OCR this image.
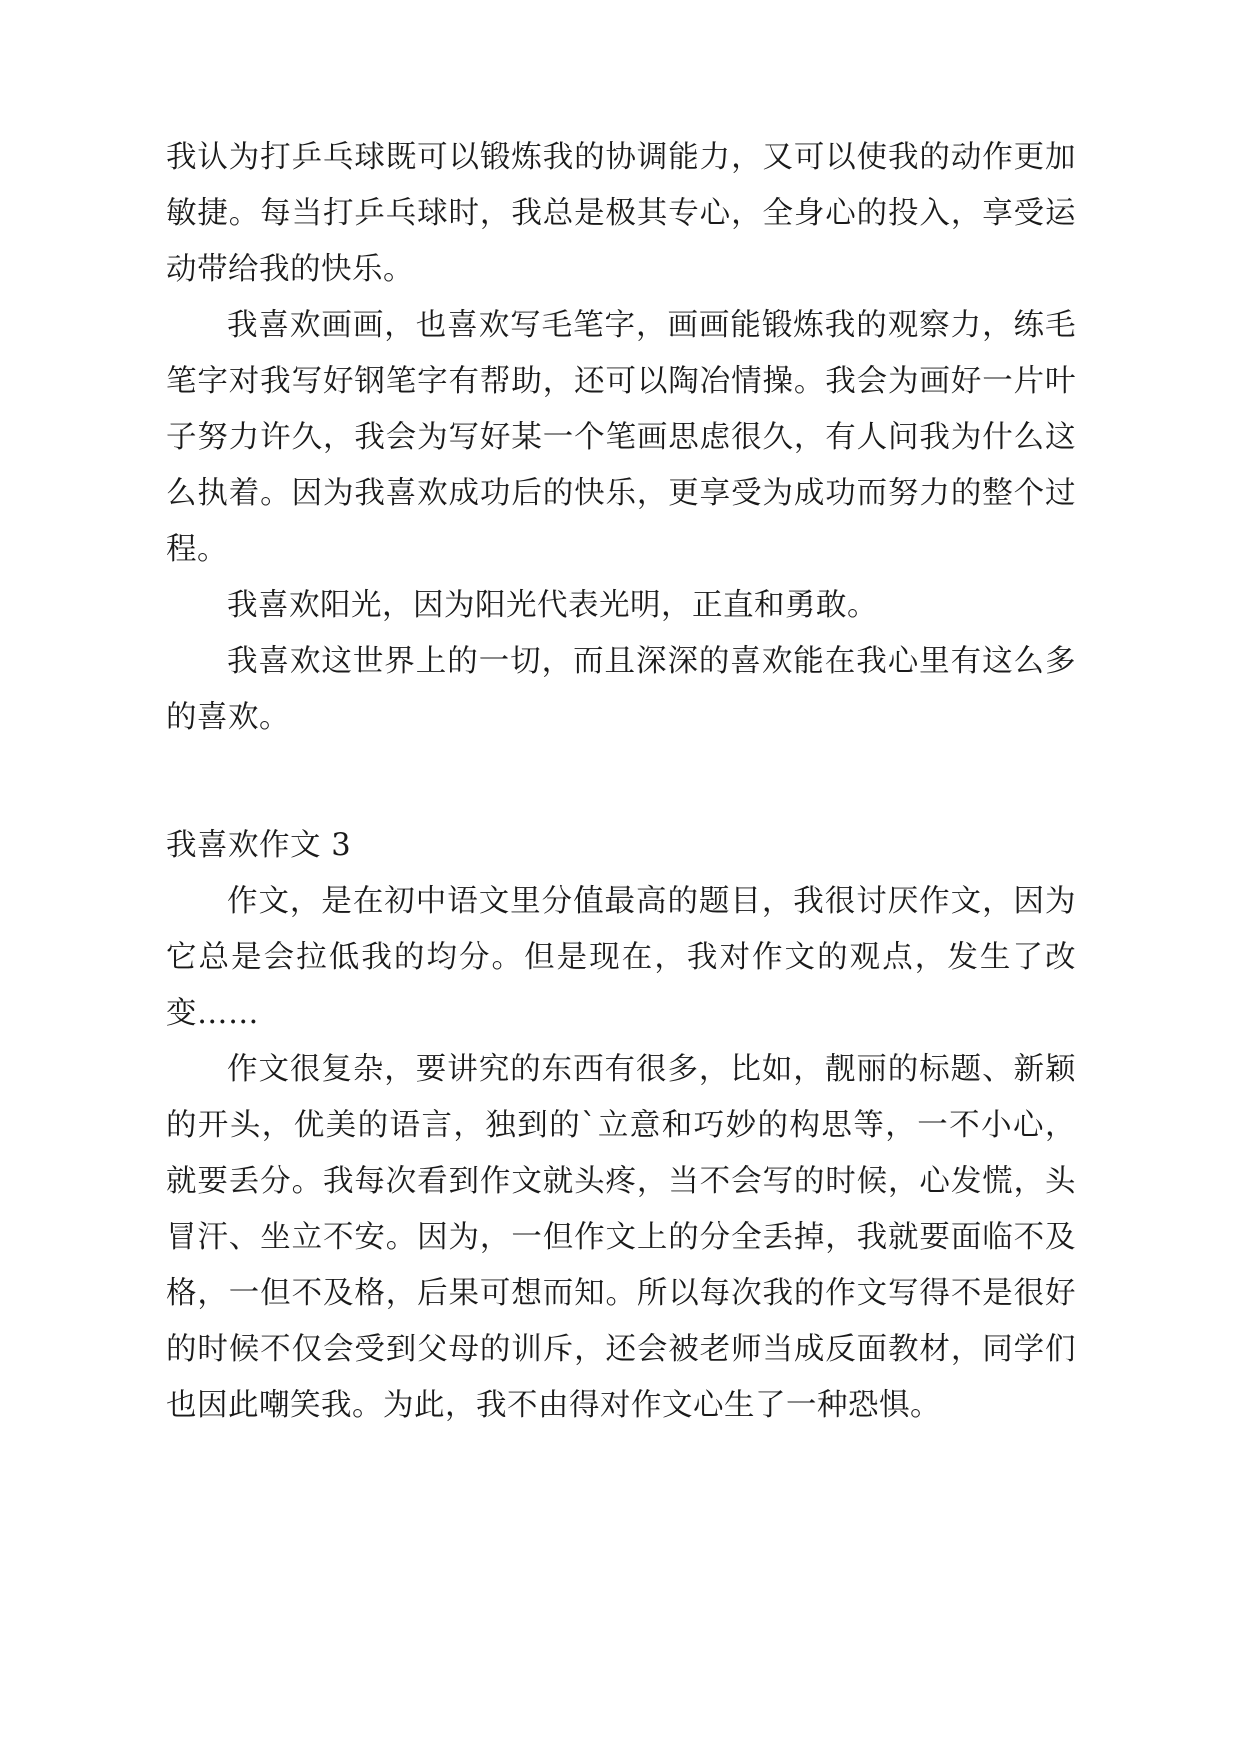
我认为打乒乓球既可以锻炼我的协调能力，又可以使我的动作更加敏捷。每当打乒乓球时，我总是极其专心，全身心的投入，享受运动带给我的快乐。

我喜欢画画，也喜欢写毛笔字，画画能锻炼我的观察力，练毛笔字对我写好钢笔字有帮助，还可以陶冶情操。我会为画好一片叶子努力许久，我会为写好某一个笔画思虑很久，有人问我为什么这么执着。因为我喜欢成功后的快乐，更享受为成功而努力的整个过程。

我喜欢阳光，因为阳光代表光明，正直和勇敢。

我喜欢这世界上的一切，而且深深的喜欢能在我心里有这么多的喜欢。

我喜欢作文 3

作文，是在初中语文里分值最高的题目，我很讨厌作文，因为它总是会拉低我的均分。但是现在，我对作文的观点，发生了改变……

作文很复杂，要讲究的东西有很多，比如，靓丽的标题、新颖的开头，优美的语言，独到的`立意和巧妙的构思等，一不小心，就要丢分。我每次看到作文就头疼，当不会写的时候，心发慌，头冒汗、坐立不安。因为，一但作文上的分全丢掉，我就要面临不及格，一但不及格，后果可想而知。所以每次我的作文写得不是很好的时候不仅会受到父母的训斥，还会被老师当成反面教材，同学们也因此嘲笑我。为此，我不由得对作文心生了一种恐惧。
